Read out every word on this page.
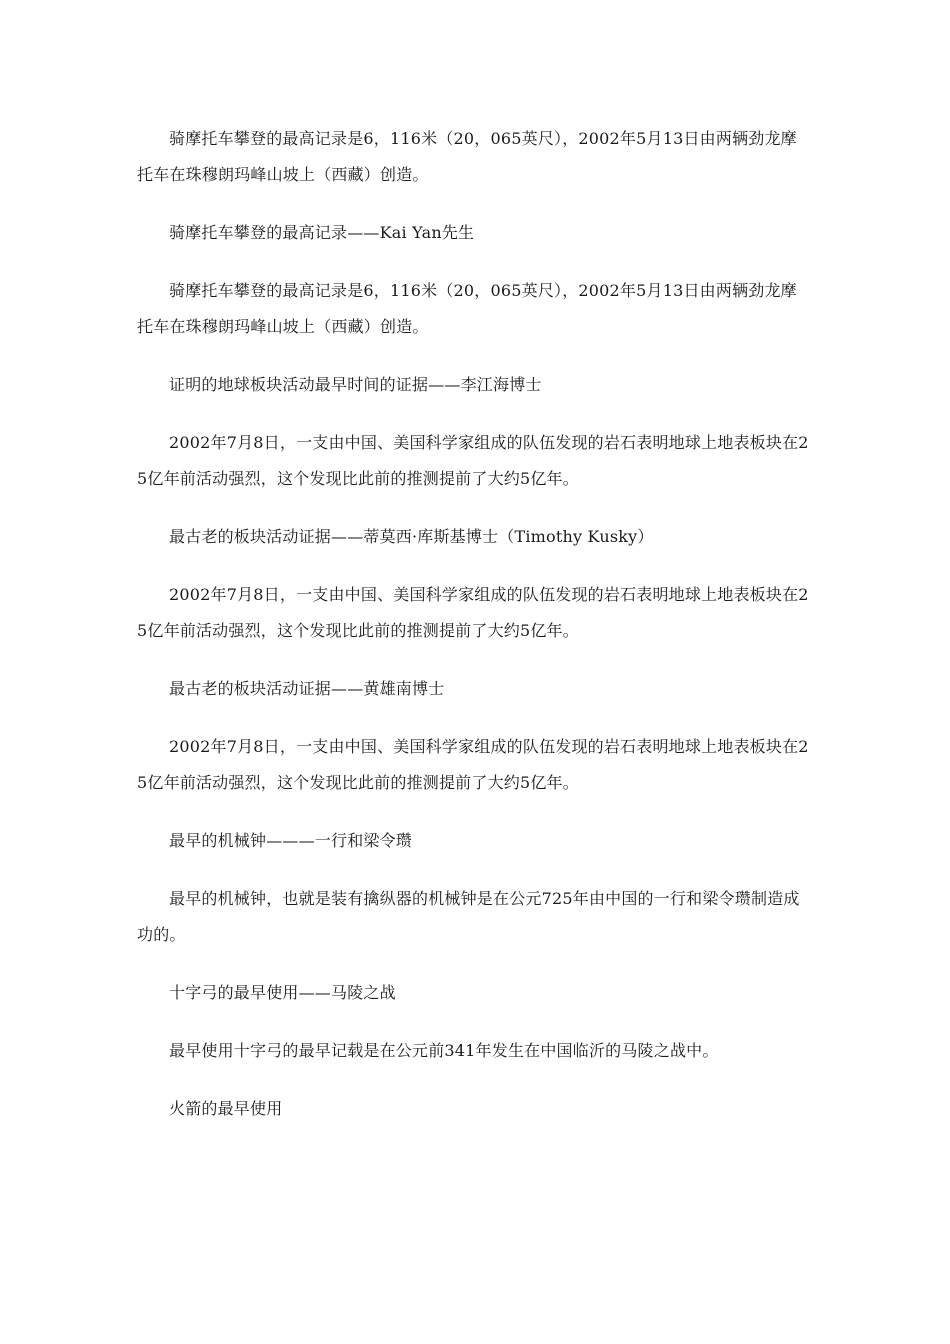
骑摩托车攀登的最高记录是6，116米（20，065英尺），2002年5月13日由两辆劲龙摩托车在珠穆朗玛峰山坡上（西藏）创造。

骑摩托车攀登的最高记录——Kai Yan先生

骑摩托车攀登的最高记录是6，116米（20，065英尺），2002年5月13日由两辆劲龙摩托车在珠穆朗玛峰山坡上（西藏）创造。

证明的地球板块活动最早时间的证据——李江海博士

2002年7月8日，一支由中国、美国科学家组成的队伍发现的岩石表明地球上地表板块在25亿年前活动强烈，这个发现比此前的推测提前了大约5亿年。

最古老的板块活动证据——蒂莫西·库斯基博士（Timothy Kusky）

2002年7月8日，一支由中国、美国科学家组成的队伍发现的岩石表明地球上地表板块在25亿年前活动强烈，这个发现比此前的推测提前了大约5亿年。

最古老的板块活动证据——黄雄南博士

2002年7月8日，一支由中国、美国科学家组成的队伍发现的岩石表明地球上地表板块在25亿年前活动强烈，这个发现比此前的推测提前了大约5亿年。

最早的机械钟———一行和梁令瓒

最早的机械钟，也就是装有擒纵器的机械钟是在公元725年由中国的一行和梁令瓒制造成功的。

十字弓的最早使用——马陵之战

最早使用十字弓的最早记载是在公元前341年发生在中国临沂的马陵之战中。

火箭的最早使用
